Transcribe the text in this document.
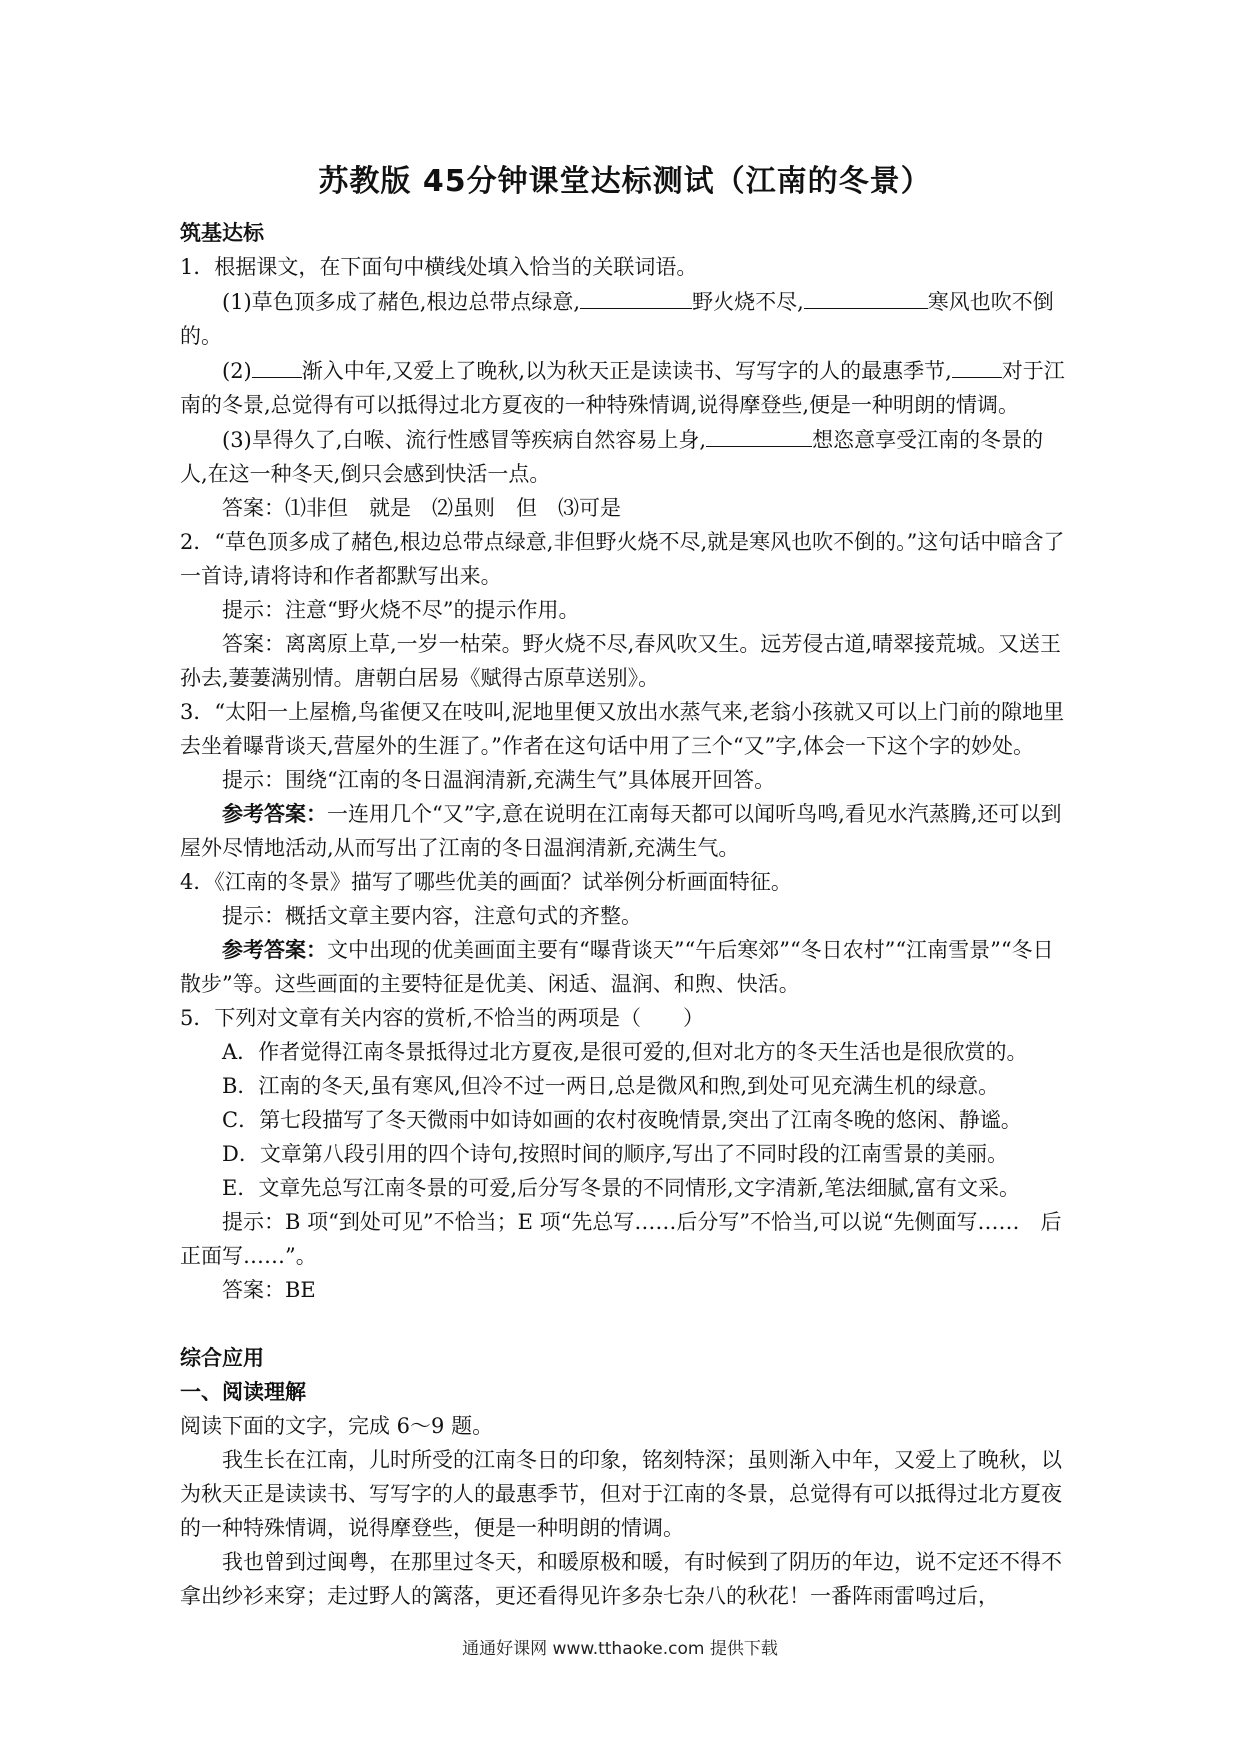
苏教版 45分钟课堂达标测试（江南的冬景）

筑基达标

1．根据课文，在下面句中横线处填入恰当的关联词语。

(1)草色顶多成了赭色,根边总带点绿意,	野火烧不尽,	寒风也吹不倒的。

(2) 渐入中年,又爱上了晚秋,以为秋天正是读读书、写写字的人的最惠季节, 对于江南的冬景,总觉得有可以抵得过北方夏夜的一种特殊情调,说得摩登些,便是一种明朗的情调。

(3)旱得久了,白喉、流行性感冒等疾病自然容易上身,	想恣意享受江南的冬景的人,在这一种冬天,倒只会感到快活一点。

答案：⑴非但　就是　⑵虽则　但　⑶可是

2．“草色顶多成了赭色,根边总带点绿意,非但野火烧不尽,就是寒风也吹不倒的。”这句话中暗含了一首诗,请将诗和作者都默写出来。

提示：注意“野火烧不尽”的提示作用。

答案：离离原上草,一岁一枯荣。野火烧不尽,春风吹又生。远芳侵古道,晴翠接荒城。又送王孙去,萋萋满别情。唐朝白居易《赋得古原草送别》。

3．“太阳一上屋檐,鸟雀便又在吱叫,泥地里便又放出水蒸气来,老翁小孩就又可以上门前的隙地里去坐着曝背谈天,营屋外的生涯了。”作者在这句话中用了三个“又”字,体会一下这个字的妙处。

提示：围绕“江南的冬日温润清新,充满生气”具体展开回答。

参考答案：一连用几个“又”字,意在说明在江南每天都可以闻听鸟鸣,看见水汽蒸腾,还可以到屋外尽情地活动,从而写出了江南的冬日温润清新,充满生气。

4．《江南的冬景》描写了哪些优美的画面？试举例分析画面特征。

提示：概括文章主要内容，注意句式的齐整。

参考答案：文中出现的优美画面主要有“曝背谈天”“午后寒郊”“冬日农村”“江南雪景”“冬日散步”等。这些画面的主要特征是优美、闲适、温润、和煦、快活。

5．下列对文章有关内容的赏析,不恰当的两项是（　　）

A．作者觉得江南冬景抵得过北方夏夜,是很可爱的,但对北方的冬天生活也是很欣赏的。

B．江南的冬天,虽有寒风,但冷不过一两日,总是微风和煦,到处可见充满生机的绿意。

C．第七段描写了冬天微雨中如诗如画的农村夜晚情景,突出了江南冬晚的悠闲、静谧。

D．文章第八段引用的四个诗句,按照时间的顺序,写出了不同时段的江南雪景的美丽。

E．文章先总写江南冬景的可爱,后分写冬景的不同情形,文字清新,笔法细腻,富有文采。

提示：B 项“到处可见”不恰当；E 项“先总写……后分写”不恰当,可以说“先侧面写……　后正面写……”。

答案：BE

综合应用

一、阅读理解

阅读下面的文字，完成 6～9 题。

我生长在江南，儿时所受的江南冬日的印象，铭刻特深；虽则渐入中年，又爱上了晚秋，以为秋天正是读读书、写写字的人的最惠季节，但对于江南的冬景，总觉得有可以抵得过北方夏夜的一种特殊情调，说得摩登些，便是一种明朗的情调。

我也曾到过闽粤，在那里过冬天，和暖原极和暖，有时候到了阴历的年边，说不定还不得不拿出纱衫来穿；走过野人的篱落，更还看得见许多杂七杂八的秋花！一番阵雨雷鸣过后，

通通好课网 www.tthaoke.com 提供下载
